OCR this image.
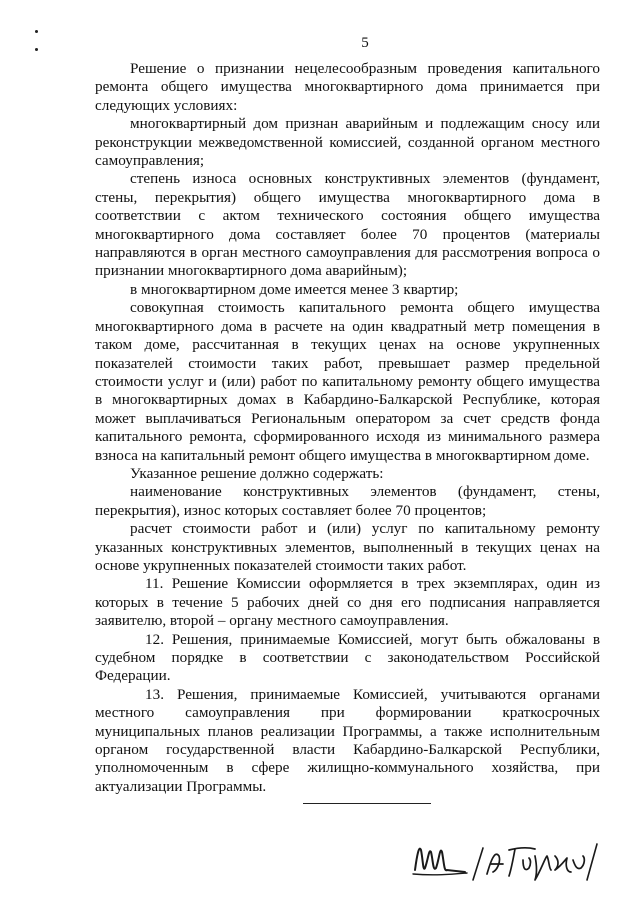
5

Решение о признании нецелесообразным проведения капитального ремонта общего имущества многоквартирного дома принимается при следующих условиях:

многоквартирный дом признан аварийным и подлежащим сносу или реконструкции межведомственной комиссией, созданной органом местного самоуправления;

степень износа основных конструктивных элементов (фундамент, стены, перекрытия) общего имущества многоквартирного дома в соответствии с актом технического состояния общего имущества многоквартирного дома составляет более 70 процентов (материалы направляются в орган местного самоуправления для рассмотрения вопроса о признании многоквартирного дома аварийным);

в многоквартирном доме имеется менее 3 квартир;

совокупная стоимость капитального ремонта общего имущества многоквартирного дома в расчете на один квадратный метр помещения в таком доме, рассчитанная в текущих ценах на основе укрупненных показателей стоимости таких работ, превышает размер предельной стоимости услуг и (или) работ по капитальному ремонту общего имущества в многоквартирных домах в Кабардино-Балкарской Республике, которая может выплачиваться Региональным оператором за счет средств фонда капитального ремонта, сформированного исходя из минимального размера взноса на капитальный ремонт общего имущества в многоквартирном доме.

Указанное решение должно содержать:

наименование конструктивных элементов (фундамент, стены, перекрытия), износ которых составляет более 70 процентов;

расчет стоимости работ и (или) услуг по капитальному ремонту указанных конструктивных элементов, выполненный в текущих ценах на основе укрупненных показателей стоимости таких работ.

11. Решение Комиссии оформляется в трех экземплярах, один из которых в течение 5 рабочих дней со дня его подписания направляется заявителю, второй – органу местного самоуправления.

12. Решения, принимаемые Комиссией, могут быть обжалованы в судебном порядке в соответствии с законодательством Российской Федерации.

13. Решения, принимаемые Комиссией, учитываются органами местного самоуправления при формировании краткосрочных муниципальных планов реализации Программы, а также исполнительным органом государственной власти Кабардино-Балкарской Республики, уполномоченным в сфере жилищно-коммунального хозяйства, при актуализации Программы.
